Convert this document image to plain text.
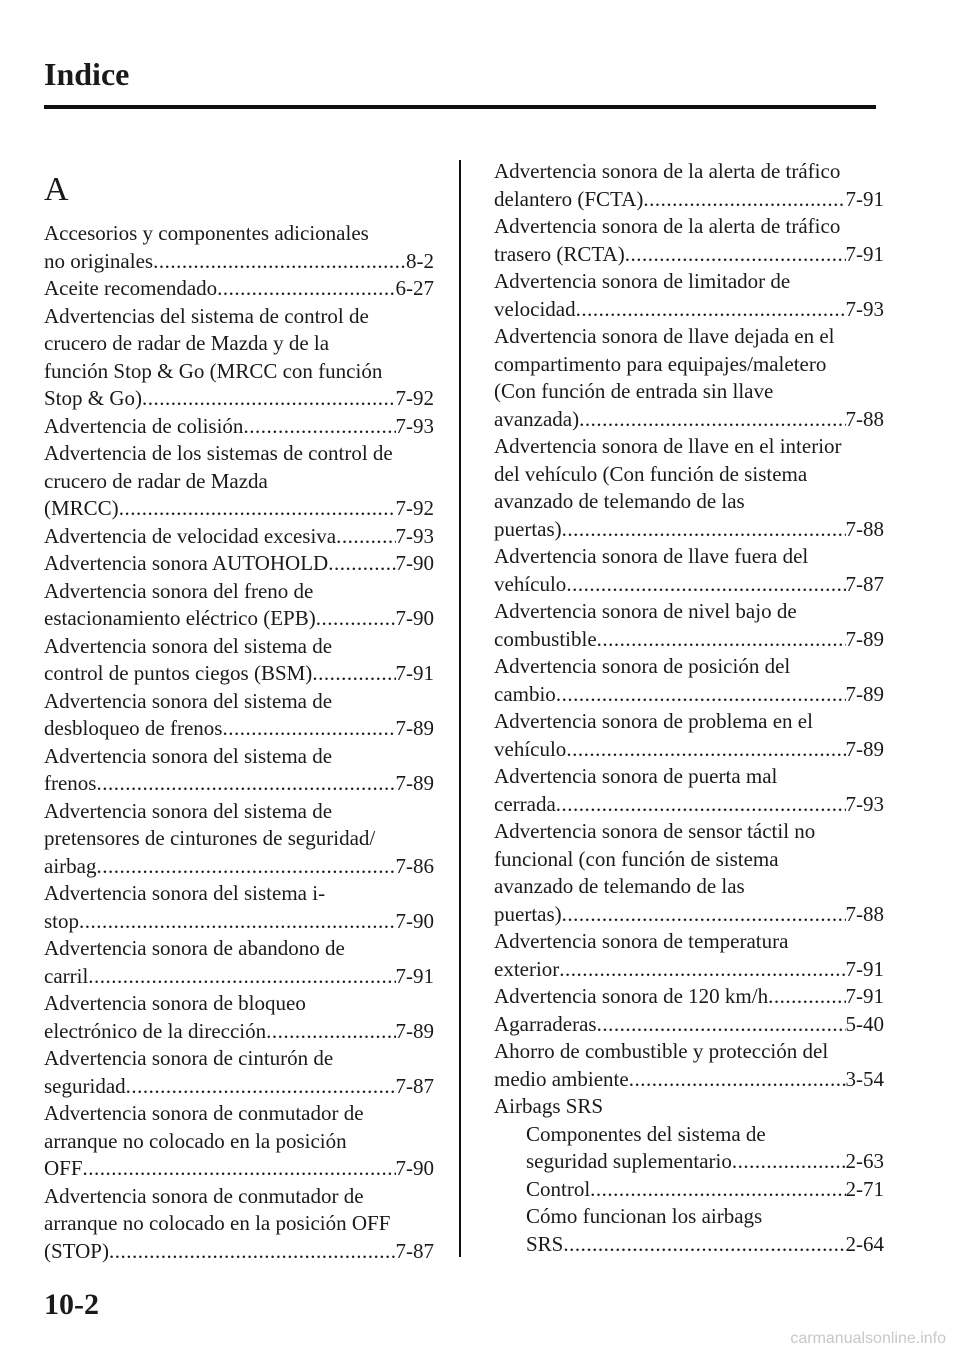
Indice
A
Accesorios y componentes adicionales
no originales .....	8-2
Aceite recomendado .....	6-27
Advertencias del sistema de control de
crucero de radar de Mazda y de la
función Stop & Go (MRCC con función
Stop & Go) .....	7-92
Advertencia de colisión .....	7-93
Advertencia de los sistemas de control de
crucero de radar de Mazda
(MRCC) .....	7-92
Advertencia de velocidad excesiva .....	7-93
Advertencia sonora AUTOHOLD .....	7-90
Advertencia sonora del freno de
estacionamiento eléctrico (EPB) .....	7-90
Advertencia sonora del sistema de
control de puntos ciegos (BSM) .....	7-91
Advertencia sonora del sistema de
desbloqueo de frenos .....	7-89
Advertencia sonora del sistema de
frenos .....	7-89
Advertencia sonora del sistema de
pretensores de cinturones de seguridad/
airbag .....	7-86
Advertencia sonora del sistema i-
stop .....	7-90
Advertencia sonora de abandono de
carril .....	7-91
Advertencia sonora de bloqueo
electrónico de la dirección .....	7-89
Advertencia sonora de cinturón de
seguridad .....	7-87
Advertencia sonora de conmutador de
arranque no colocado en la posición
OFF .....	7-90
Advertencia sonora de conmutador de
arranque no colocado en la posición OFF
(STOP) .....	7-87
Advertencia sonora de la alerta de tráfico
delantero (FCTA) .....	7-91
Advertencia sonora de la alerta de tráfico
trasero (RCTA) .....	7-91
Advertencia sonora de limitador de
velocidad .....	7-93
Advertencia sonora de llave dejada en el
compartimento para equipajes/maletero
(Con función de entrada sin llave
avanzada) .....	7-88
Advertencia sonora de llave en el interior
del vehículo (Con función de sistema
avanzado de telemando de las
puertas) .....	7-88
Advertencia sonora de llave fuera del
vehículo .....	7-87
Advertencia sonora de nivel bajo de
combustible .....	7-89
Advertencia sonora de posición del
cambio .....	7-89
Advertencia sonora de problema en el
vehículo .....	7-89
Advertencia sonora de puerta mal
cerrada .....	7-93
Advertencia sonora de sensor táctil no
funcional (con función de sistema
avanzado de telemando de las
puertas) .....	7-88
Advertencia sonora de temperatura
exterior .....	7-91
Advertencia sonora de 120 km/h .....	7-91
Agarraderas .....	5-40
Ahorro de combustible y protección del
medio ambiente .....	3-54
Airbags SRS
Componentes del sistema de
seguridad suplementario .....	2-63
Control .....	2-71
Cómo funcionan los airbags
SRS .....	2-64
10-2
carmanualsonline.info
